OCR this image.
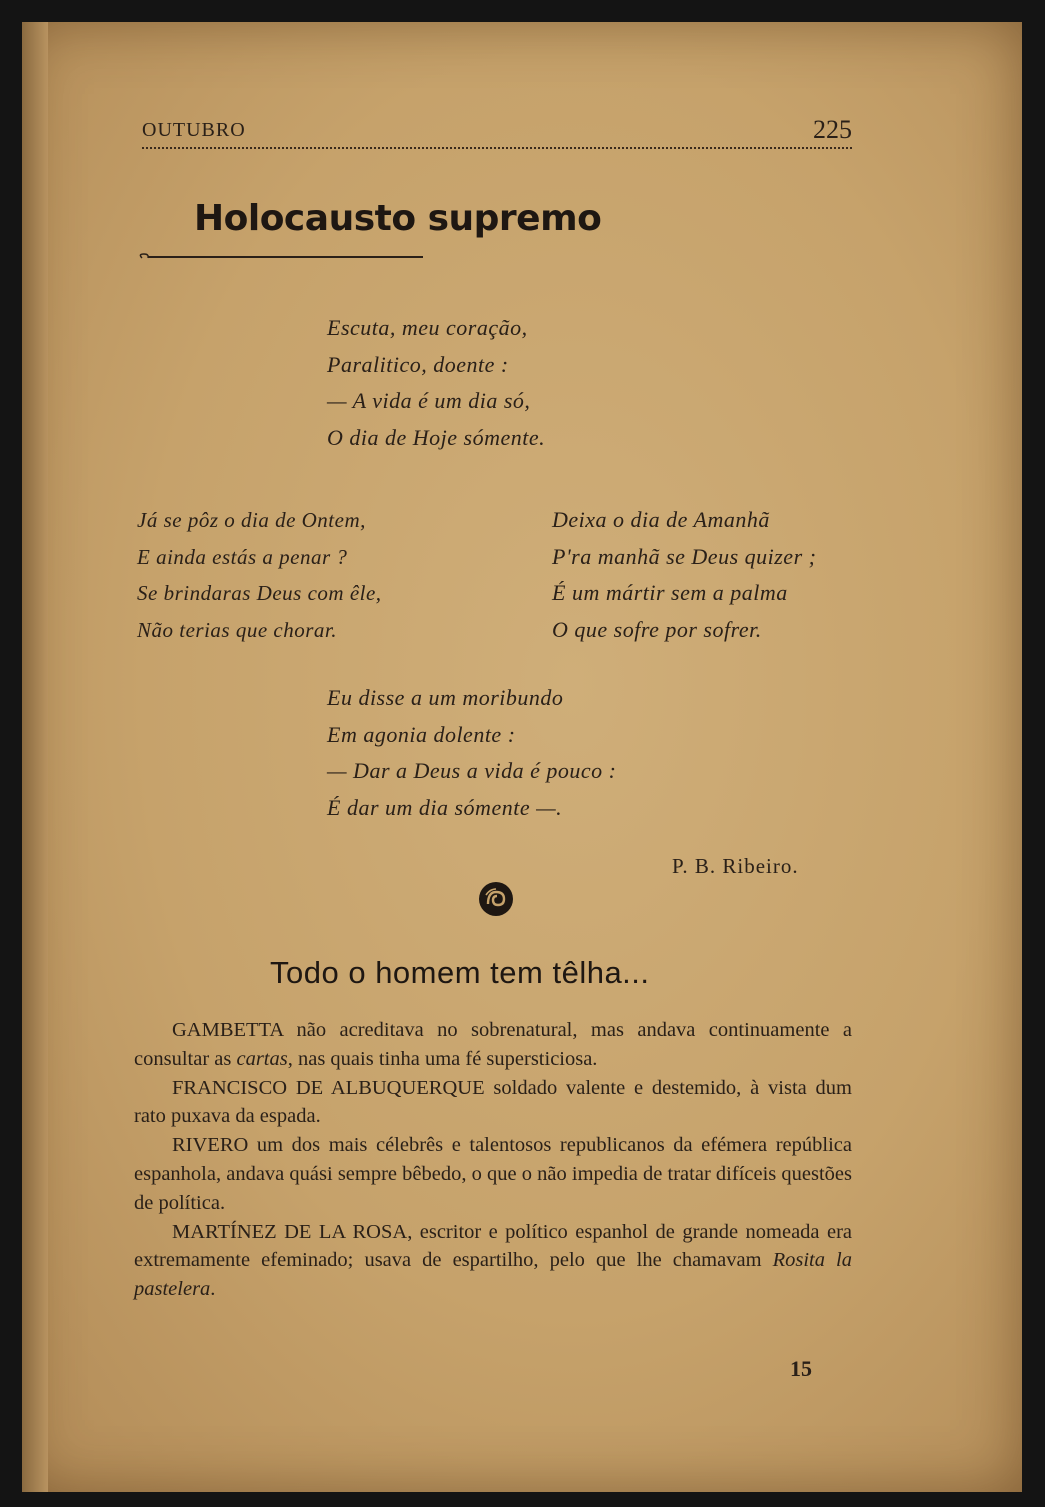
OUTUBRO	225
Holocausto supremo
Escuta, meu coração,
Paralitico, doente :
— A vida é um dia só,
O dia de Hoje sómente.
Já se pôz o dia de Ontem,
E ainda estás a penar ?
Se brindaras Deus com êle,
Não terias que chorar.
Deixa o dia de Amanhã
P'ra manhã se Deus quizer ;
É um mártir sem a palma
O que sofre por sofrer.
Eu disse a um moribundo
Em agonia dolente :
— Dar a Deus a vida é pouco :
É dar um dia sómente —.
P. B. Ribeiro.
Todo o homem tem têlha...

GAMBETTA não acreditava no sobrenatural, mas andava continuamente a consultar as cartas, nas quais tinha uma fé supersticiosa.

FRANCISCO DE ALBUQUERQUE soldado valente e destemido, à vista dum rato puxava da espada.

RIVERO um dos mais célebrês e talentosos republicanos da efémera república espanhola, andava quási sempre bêbedo, o que o não impedia de tratar difíceis questões de política.

MARTÍNEZ DE LA ROSA, escritor e político espanhol de grande nomeada era extremamente efeminado; usava de espartilho, pelo que lhe chamavam Rosita la pastelera.

15
